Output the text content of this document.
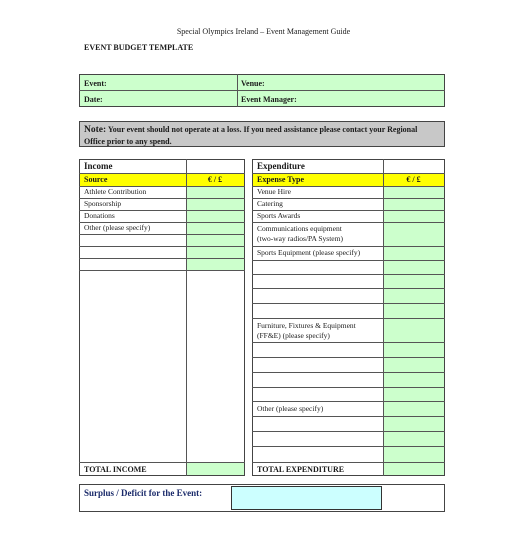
Special Olympics Ireland – Event Management Guide
EVENT BUDGET TEMPLATE
Event:	Venue:
Date:	Event Manager:
Note: Your event should not operate at a loss. If you need assistance please contact your Regional Office prior to any spend.
Income
Source	€ / £
Athlete Contribution
Sponsorship
Donations
Other (please specify)
TOTAL INCOME
Expenditure
Expense Type	€ / £
Venue Hire
Catering
Sports Awards
Communications equipment
(two-way radios/PA System)
Sports Equipment (please specify)
Furniture, Fixtures & Equipment
(FF&E) (please specify)
Other (please specify)
TOTAL EXPENDITURE
Surplus / Deficit for the Event:
